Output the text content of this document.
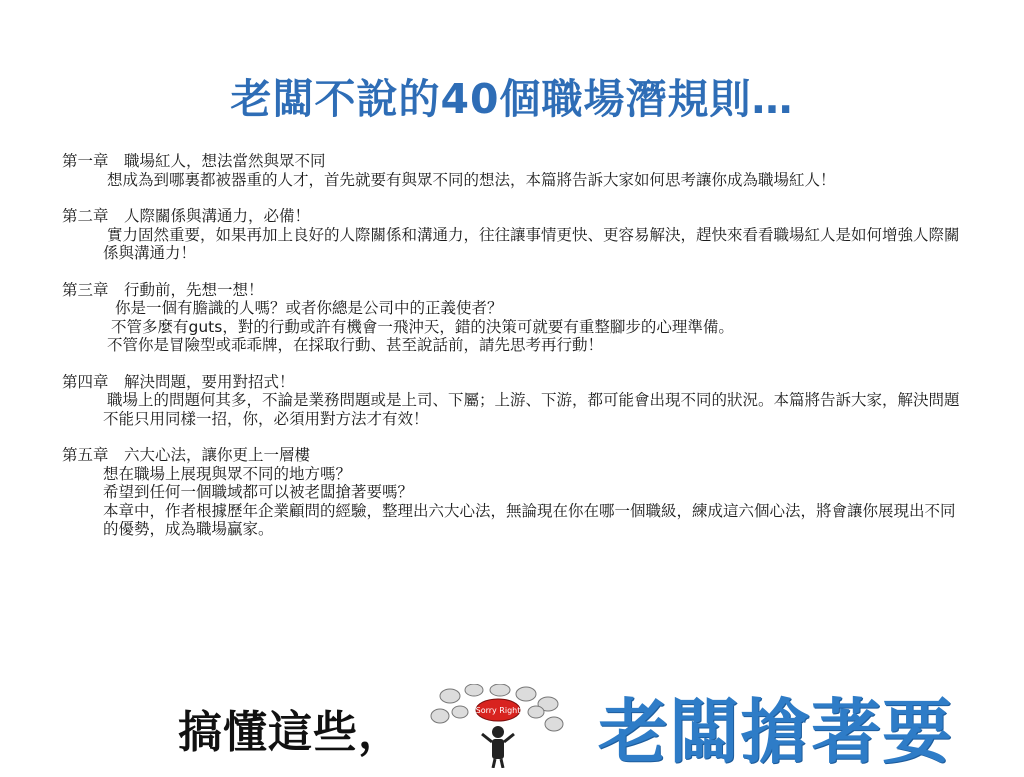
老闆不說的40個職場潛規則…
第一章　職場紅人，想法當然與眾不同
想成為到哪裏都被器重的人才，首先就要有與眾不同的想法，本篇將告訴大家如何思考讓你成為職場紅人！
第二章　人際關係與溝通力，必備！
實力固然重要，如果再加上良好的人際關係和溝通力，往往讓事情更快、更容易解決，趕快來看看職場紅人是如何增強人際關係與溝通力！
第三章　行動前，先想一想！
你是一個有膽識的人嗎？或者你總是公司中的正義使者？
不管多麼有guts，對的行動或許有機會一飛沖天，錯的決策可就要有重整腳步的心理準備。
不管你是冒險型或乖乖牌，在採取行動、甚至說話前，請先思考再行動！
第四章　解決問題，要用對招式！
職場上的問題何其多，不論是業務問題或是上司、下屬；上游、下游，都可能會出現不同的狀況。本篇將告訴大家，解決問題不能只用同樣一招，你，必須用對方法才有效！
第五章　六大心法，讓你更上一層樓
想在職場上展現與眾不同的地方嗎？
希望到任何一個職域都可以被老闆搶著要嗎？
本章中，作者根據歷年企業顧問的經驗，整理出六大心法，無論現在你在哪一個職級，練成這六個心法，將會讓你展現出不同的優勢，成為職場贏家。
搞懂這些，	Sorry Right 老闆搶著要
